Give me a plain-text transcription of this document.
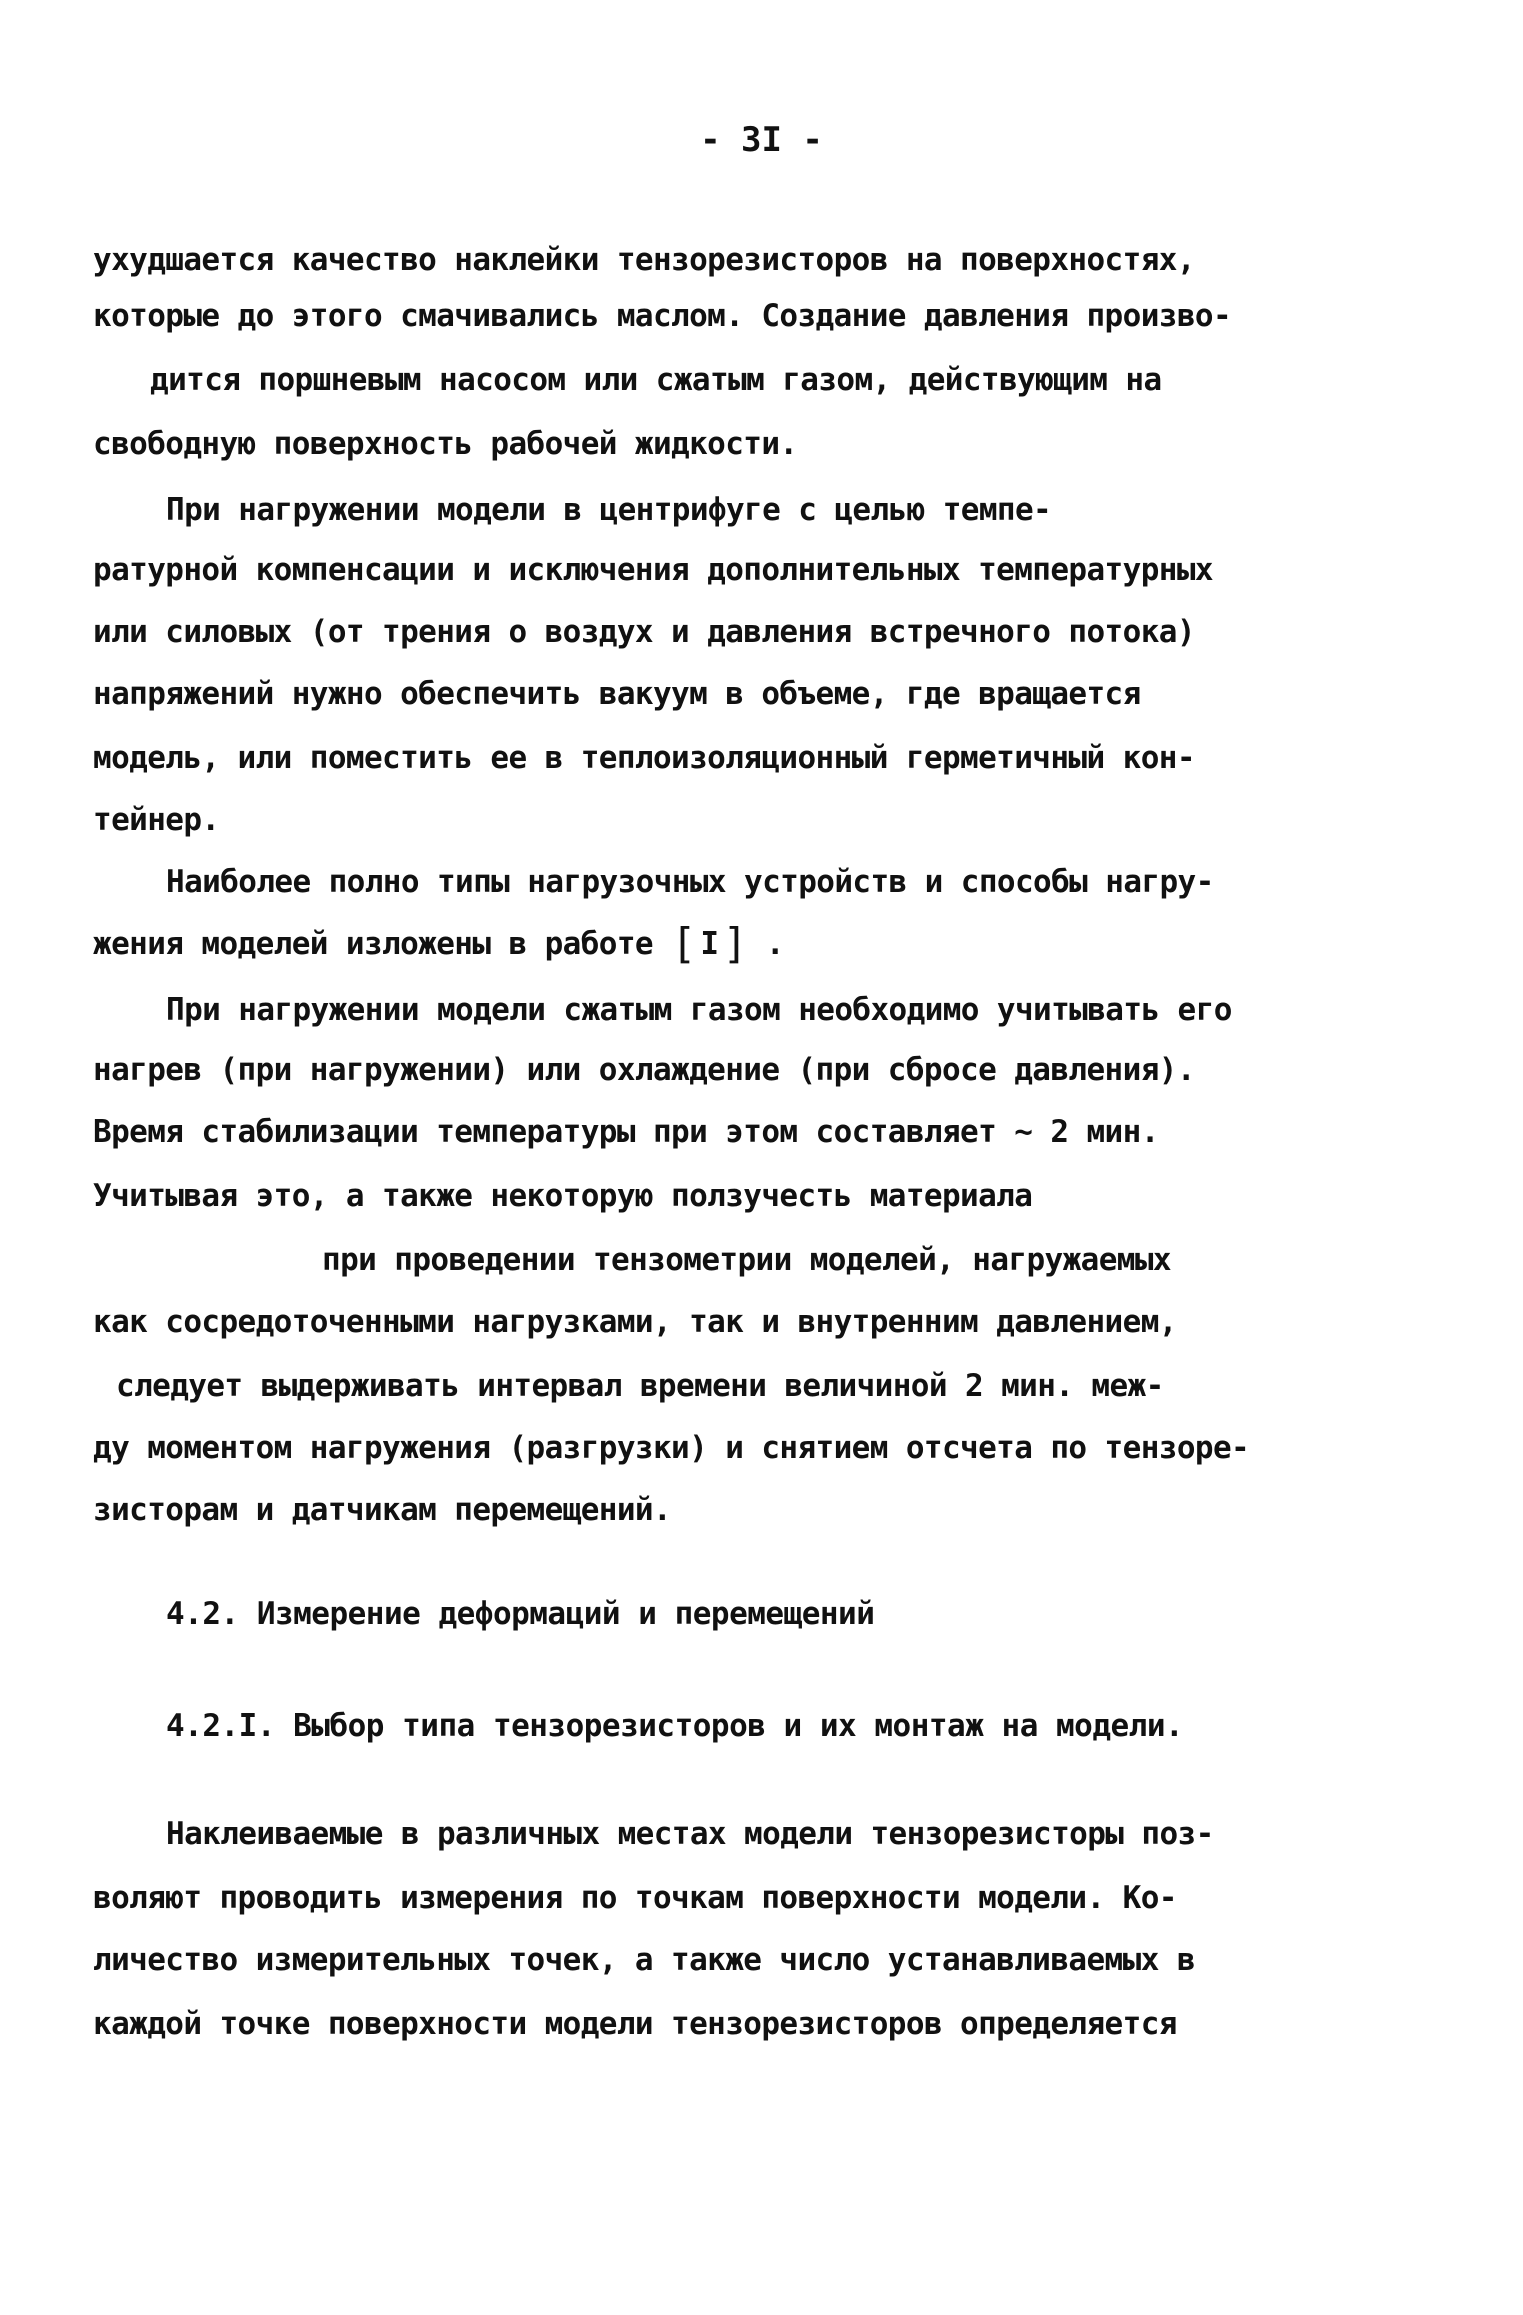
- 3I -
ухудшается качество наклейки тензорезисторов на поверхностях,
которые до этого смачивались маслом. Создание давления произво-
дится поршневым насосом или сжатым газом, действующим на
свободную поверхность рабочей жидкости.
При нагружении модели в центрифуге с целью темпе-
ратурной компенсации и исключения дополнительных температурных
или силовых (от трения о воздух и давления встречного потока)
напряжений нужно обеспечить вакуум в объеме, где вращается
модель, или поместить ее в теплоизоляционный герметичный кон-
тейнер.
Наиболее полно типы нагрузочных устройств и способы нагру-
жения моделей изложены в работе [ I] .
При нагружении модели сжатым газом необходимо учитывать его
нагрев (при нагружении) или охлаждение (при сбросе давления).
Время стабилизации температуры при этом составляет ~ 2 мин.
Учитывая это, а также некоторую ползучесть материала
при проведении тензометрии моделей, нагружаемых
как сосредоточенными нагрузками, так и внутренним давлением,
следует выдерживать интервал времени величиной 2 мин. меж-
ду моментом нагружения (разгрузки) и снятием отсчета по тензоре-
зисторам и датчикам перемещений.
4.2. Измерение деформаций и перемещений
4.2.I. Выбор типа тензорезисторов и их монтаж на модели.
Наклеиваемые в различных местах модели тензорезисторы поз-
воляют проводить измерения по точкам поверхности модели. Ко-
личество измерительных точек, а также число устанавливаемых в
каждой точке поверхности модели тензорезисторов определяется
